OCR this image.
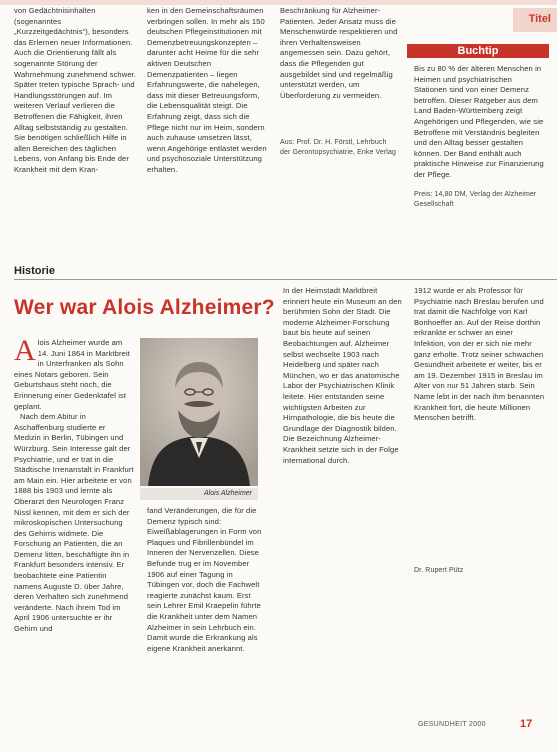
Titel

von Gedächtnisinhalten (sogenanntes „Kurzzeitgedächtnis“), besonders das Erlernen neuer Informationen. Auch die Orientierung fällt als sogenannte Störung der Wahrnehmung zunehmend schwer. Später treten typische Sprach- und Handlungsstörungen auf. Im weiteren Verlauf verlieren die Betroffenen die Fähigkeit, ihren Alltag selbstständig zu gestalten. Sie benötigen schließlich Hilfe in allen Bereichen des täglichen Lebens, von Anfang bis Ende der Krankheit mit dem Kran-

ken in den Gemeinschaftsräumen verbringen sollen. In mehr als 150 deutschen Pflegeinstitutionen mit Demenzbetreuungskonzepten – darunter acht Heime für die sehr aktiven Deutschen Demenzpatienten – liegen Erfahrungswerte, die nahelegen, dass mit dieser Betreuungsform, die Lebensqualität steigt. Die Erfahrung zeigt, dass sich die Pflege nicht nur im Heim, sondern auch zuhause umsetzen lässt, wenn Angehörige entlastet werden und psychosoziale Unterstützung erhalten.

Beschränkung für Alzheimer-Patienten. Jeder Ansatz muss die Menschenwürde respektieren und ihren Verhaltensweisen angemessen sein. Dazu gehört, dass die Pflegenden gut ausgebildet sind und regelmäßig unterstützt werden, um Überforderung zu vermeiden.

Aus: Prof. Dr. H. Förstl, Lehrbuch der Gerontopsychiatrie, Enke Verlag

Buchtip

Bis zu 80 % der älteren Menschen in Heimen und psychiatrischen Stationen sind von einer Demenz betroffen. Dieser Ratgeber aus dem Land Baden-Württemberg zeigt Angehörigen und Pflegenden, wie sie Betroffene mit Verständnis begleiten und den Alltag besser gestalten können. Der Band enthält auch praktische Hinweise zur Finanzierung der Pflege.

Preis: 14,80 DM, Verlag der Alzheimer Gesellschaft

Historie
Wer war Alois Alzheimer?

Alois Alzheimer wurde am 14. Juni 1864 in Marktbreit in Unterfranken als Sohn eines Notars geboren. Sein Geburtshaus steht noch, die Erinnerung einer Gedenktafel ist geplant.

Nach dem Abitur in Aschaffenburg studierte er Medizin in Berlin, Tübingen und Würzburg. Sein Interesse galt der Psychiatrie, und er trat in die Städtische Irrenanstalt in Frankfurt am Main ein. Hier arbeitete er von 1888 bis 1903 und lernte als Oberarzt den Neurologen Franz Nissl kennen, mit dem er sich der mikroskopischen Untersuchung des Gehirns widmete. Die Forschung an Patienten, die an Demenz litten, beschäftigte ihn in Frankfurt besonders intensiv. Er beobachtete eine Patientin namens Auguste D. über Jahre, deren Verhalten sich zunehmend veränderte. Nach ihrem Tod im April 1906 untersuchte er ihr Gehirn und

Alois Alzheimer

fand Veränderungen, die für die Demenz typisch sind: Eiweißablagerungen in Form von Plaques und Fibrillenbündel im Inneren der Nervenzellen. Diese Befunde trug er im November 1906 auf einer Tagung in Tübingen vor, doch die Fachwelt reagierte zunächst kaum. Erst sein Lehrer Emil Kraepelin führte die Krankheit unter dem Namen Alzheimer in sein Lehrbuch ein. Damit wurde die Erkrankung als eigene Krankheit anerkannt.

In der Heimstadt Marktbreit erinnert heute ein Museum an den berühmten Sohn der Stadt. Die moderne Alzheimer-Forschung baut bis heute auf seinen Beobachtungen auf. Alzheimer selbst wechselte 1903 nach Heidelberg und später nach München, wo er das anatomische Labor der Psychiatrischen Klinik leitete. Hier entstanden seine wichtigsten Arbeiten zur Hirnpathologie, die bis heute die Grundlage der Diagnostik bilden. Die Bezeichnung Alzheimer-Krankheit setzte sich in der Folge international durch.

1912 wurde er als Professor für Psychiatrie nach Breslau berufen und trat damit die Nachfolge von Karl Bonhoeffer an. Auf der Reise dorthin erkrankte er schwer an einer Infektion, von der er sich nie mehr ganz erholte. Trotz seiner schwachen Gesundheit arbeitete er weiter, bis er am 19. Dezember 1915 in Breslau im Alter von nur 51 Jahren starb. Sein Name lebt in der nach ihm benannten Krankheit fort, die heute Millionen Menschen betrifft.

Dr. Rupert Pütz

GESUNDHEIT 2000	17
